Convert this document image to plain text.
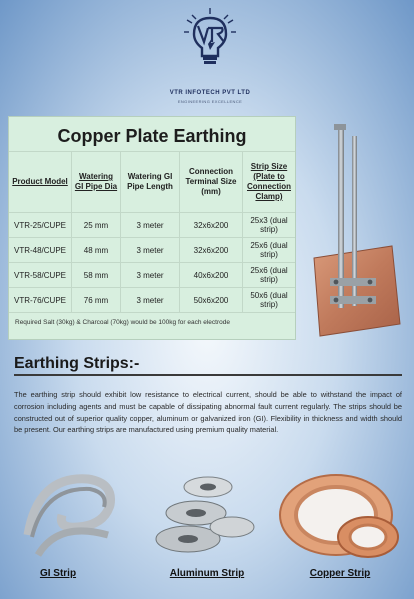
VTR INFOTECH PVT LTD
ENGINEERING EXCELLENCE
Copper Plate Earthing
Product Model	Watering GI Pipe Dia	Watering GI Pipe Length	Connection Terminal Size (mm)	Strip Size (Plate to Connection Clamp)
VTR-25/CUPE	25 mm	3 meter	32x6x200	25x3 (dual strip)
VTR-48/CUPE	48 mm	3 meter	32x6x200	25x6 (dual strip)
VTR-58/CUPE	58 mm	3 meter	40x6x200	25x6 (dual strip)
VTR-76/CUPE	76 mm	3 meter	50x6x200	50x6 (dual strip)
Required Salt (30kg) & Charcoal (70kg) would be 100kg for each electrode
Earthing Strips:-
The earthing strip should exhibit low resistance to electrical current, should be able to withstand the impact of corrosion including agents and must be capable of dissipating abnormal fault current regularly. The strips should be constructed out of superior quality copper, aluminum or galvanized iron (GI). Flexibility in thickness and width should be present. Our earthing strips are manufactured using premium quality material.
GI Strip	Aluminum Strip	Copper Strip
